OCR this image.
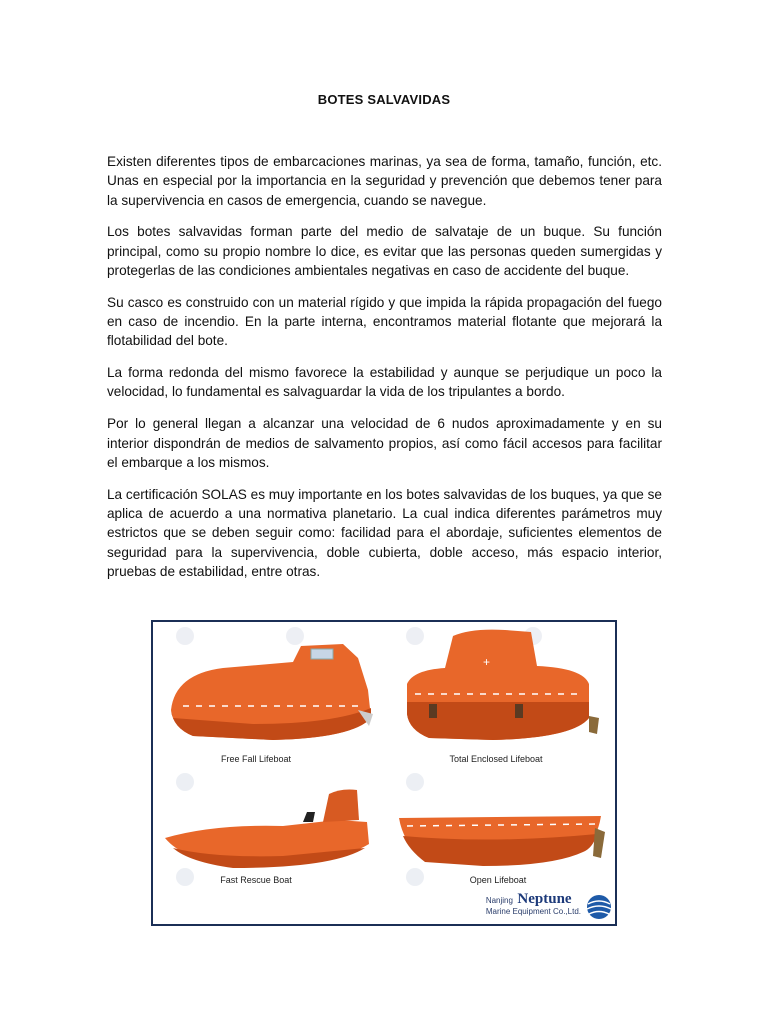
BOTES SALVAVIDAS

Existen diferentes tipos de embarcaciones marinas, ya sea de forma, tamaño, función, etc. Unas en especial por la importancia en la seguridad y prevención que debemos tener para la supervivencia en casos de emergencia, cuando se navegue.

Los botes salvavidas forman parte del medio de salvataje de un buque. Su función principal, como su propio nombre lo dice, es evitar que las personas queden sumergidas y protegerlas de las condiciones ambientales negativas en caso de accidente del buque.

Su casco es construido con un material rígido y que impida la rápida propagación del fuego en caso de incendio. En la parte interna, encontramos material flotante que mejorará la flotabilidad del bote.

La forma redonda del mismo favorece la estabilidad y aunque se perjudique un poco la velocidad, lo fundamental es salvaguardar la vida de los tripulantes a bordo.

Por lo general llegan a alcanzar una velocidad de 6 nudos aproximadamente y en su interior dispondrán de medios de salvamento propios, así como fácil accesos para facilitar el embarque a los mismos.

La certificación SOLAS es muy importante en los botes salvavidas de los buques, ya que se aplica de acuerdo a una normativa planetario. La cual indica diferentes parámetros muy estrictos que se deben seguir como: facilidad para el abordaje, suficientes elementos de seguridad para la supervivencia, doble cubierta, doble acceso, más espacio interior, pruebas de estabilidad, entre otras.

+
Free Fall Lifeboat	Total Enclosed Lifeboat
Fast Rescue Boat	Open Lifeboat
Nanjing Neptune
Marine Equipment Co.,Ltd.
